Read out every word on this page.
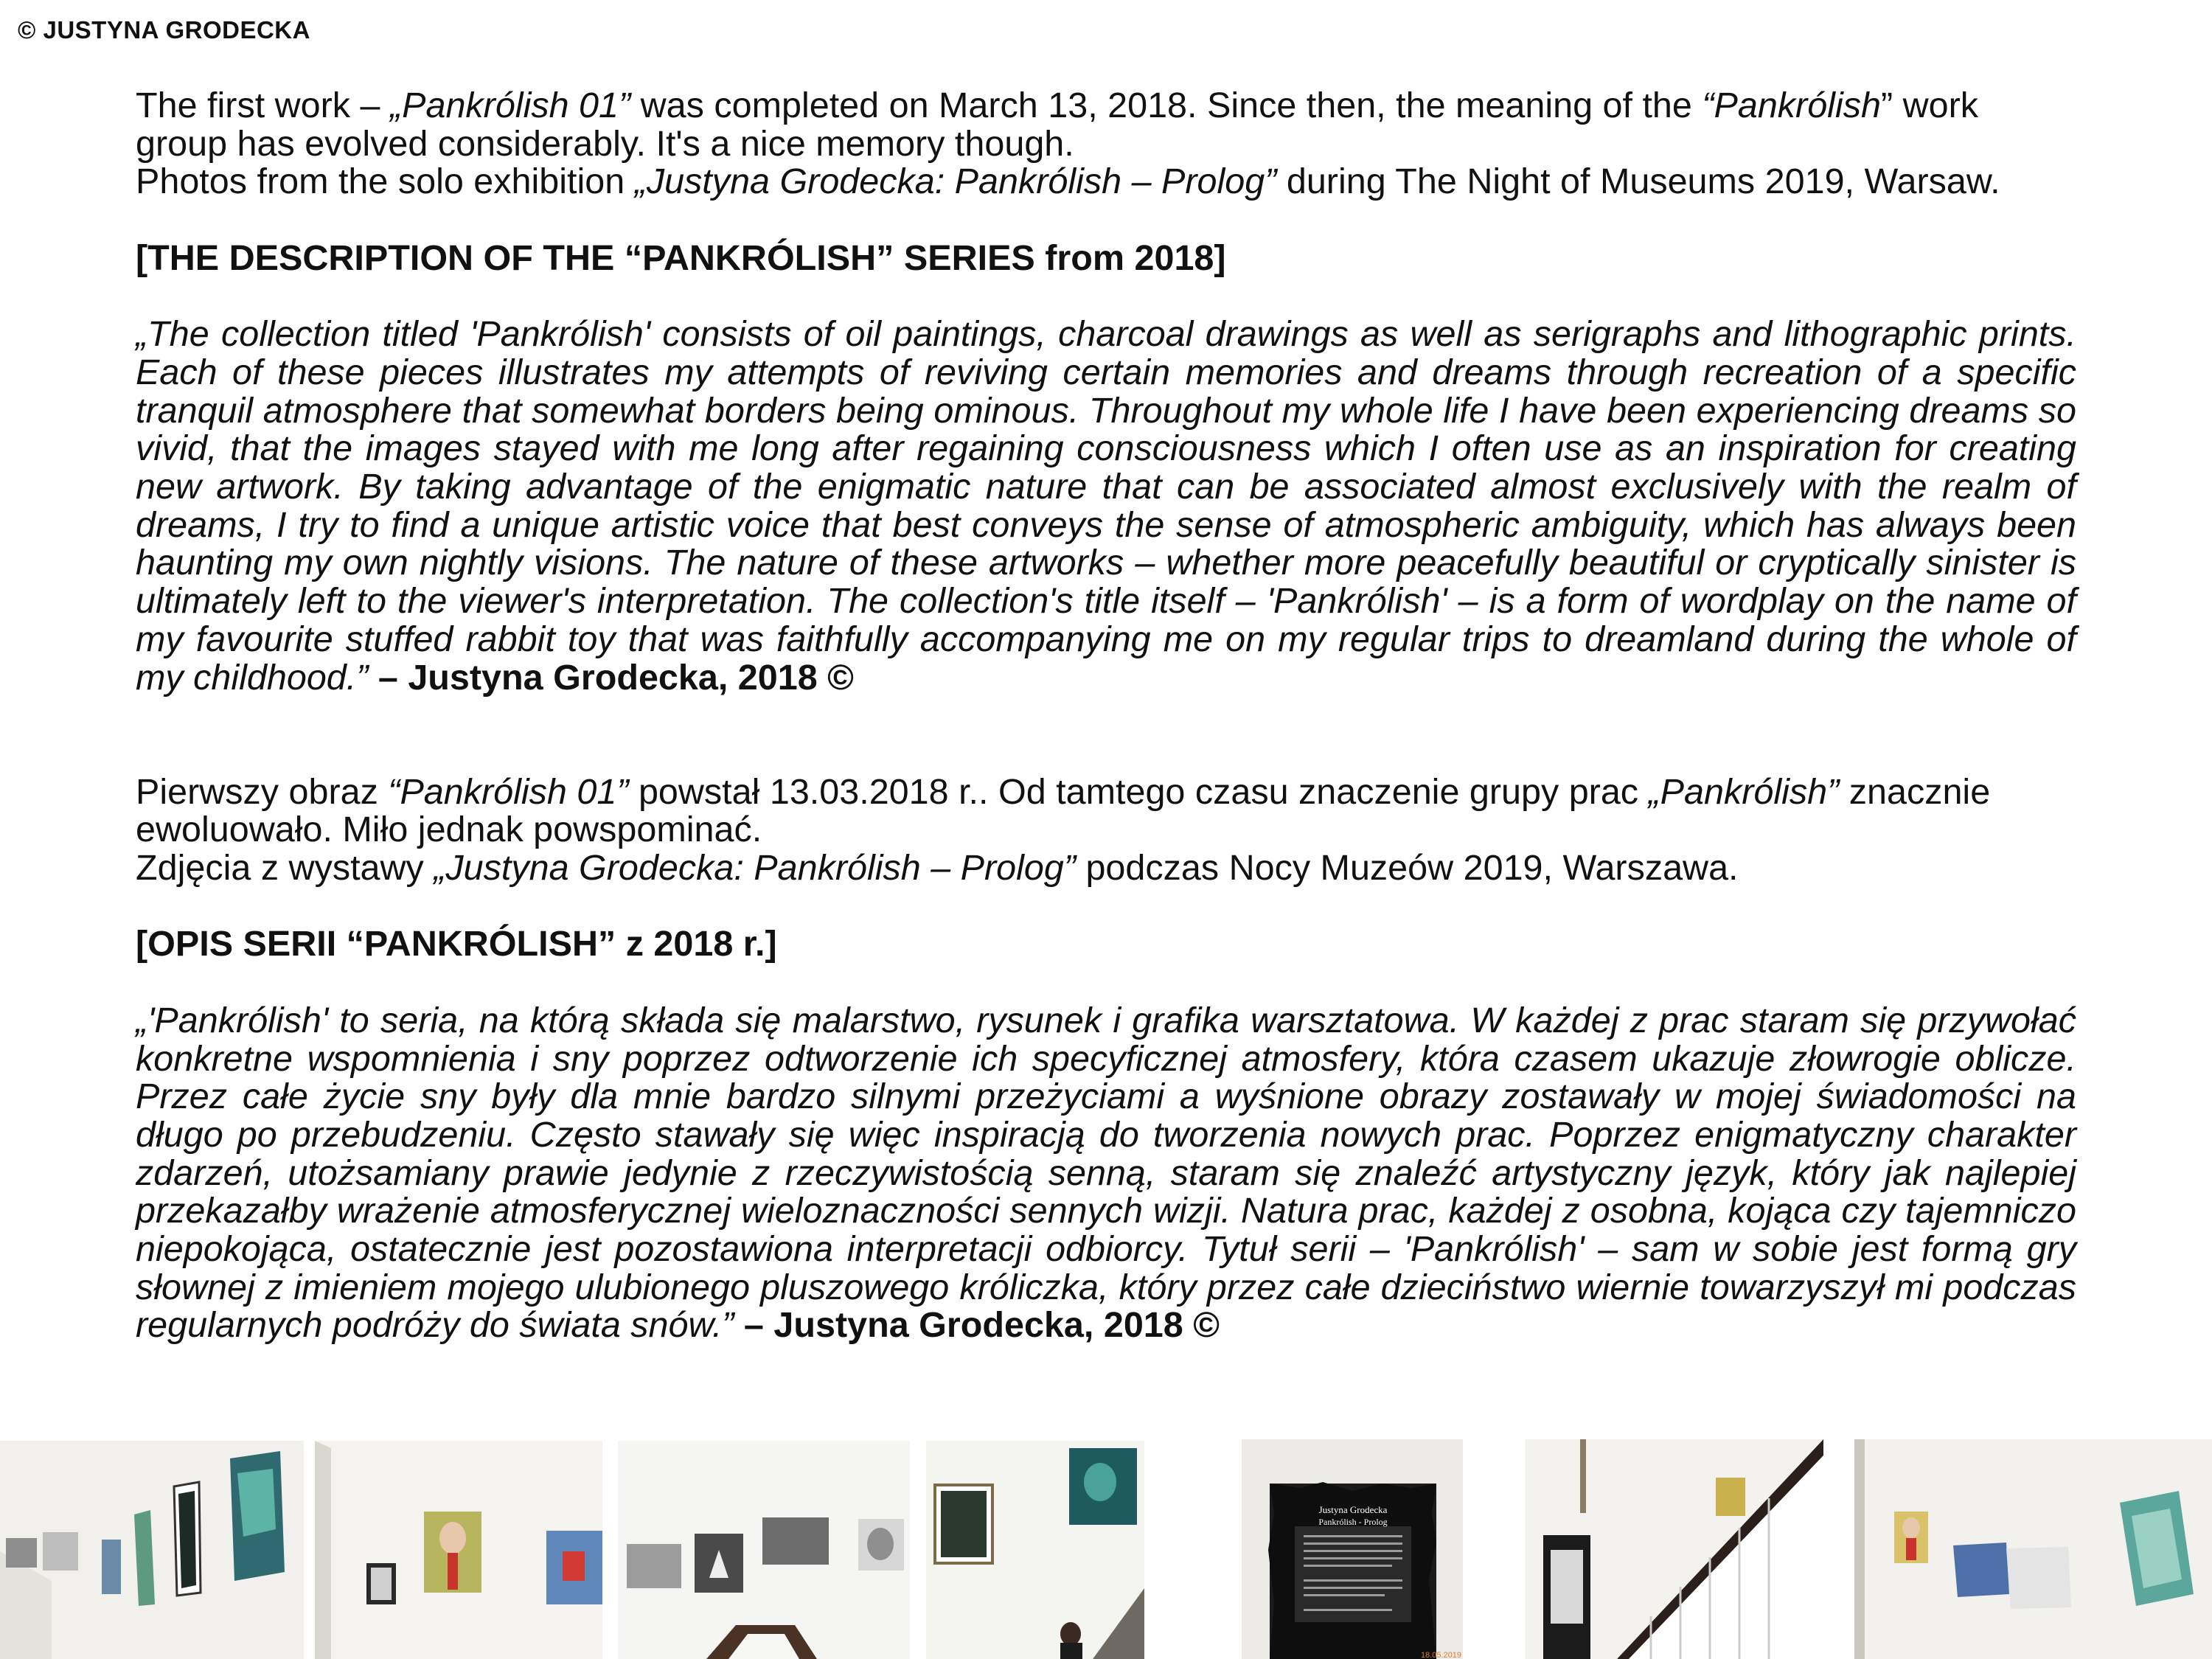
© JUSTYNA GRODECKA

The first work – „Pankrólish 01” was completed on March 13, 2018. Since then, the meaning of the “Pankrólish” work group has evolved considerably. It's a nice memory though.

Photos from the solo exhibition „Justyna Grodecka: Pankrólish – Prolog” during The Night of Museums 2019, Warsaw.

[THE DESCRIPTION OF THE “PANKRÓLISH” SERIES from 2018]

„The collection titled 'Pankrólish' consists of oil paintings, charcoal drawings as well as serigraphs and lithographic prints. Each of these pieces illustrates my attempts of reviving certain memories and dreams through recreation of a specific tranquil atmosphere that somewhat borders being ominous. Throughout my whole life I have been experiencing dreams so vivid, that the images stayed with me long after regaining consciousness which I often use as an inspiration for creating new artwork. By taking advantage of the enigmatic nature that can be associated almost exclusively with the realm of dreams, I try to find a unique artistic voice that best conveys the sense of atmospheric ambiguity, which has always been haunting my own nightly visions. The nature of these artworks – whether more peacefully beautiful or cryptically sinister is ultimately left to the viewer's interpretation. The collection's title itself – 'Pankrólish' – is a form of wordplay on the name of my favourite stuffed rabbit toy that was faithfully accompanying me on my regular trips to dreamland during the whole of my childhood.” – Justyna Grodecka, 2018 ©

Pierwszy obraz “Pankrólish 01” powstał 13.03.2018 r.. Od tamtego czasu znaczenie grupy prac „Pankrólish” znacznie ewoluowało. Miło jednak powspominać.

Zdjęcia z wystawy „Justyna Grodecka: Pankrólish – Prolog” podczas Nocy Muzeów 2019, Warszawa.

[OPIS SERII “PANKRÓLISH” z 2018 r.]

„'Pankrólish' to seria, na którą składa się malarstwo, rysunek i grafika warsztatowa. W każdej z prac staram się przywołać konkretne wspomnienia i sny poprzez odtworzenie ich specyficznej atmosfery, która czasem ukazuje złowrogie oblicze. Przez całe życie sny były dla mnie bardzo silnymi przeżyciami a wyśnione obrazy zostawały w mojej świadomości na długo po przebudzeniu. Często stawały się więc inspiracją do tworzenia nowych prac. Poprzez enigmatyczny charakter zdarzeń, utożsamiany prawie jedynie z rzeczywistością senną, staram się znaleźć artystyczny język, który jak najlepiej przekazałby wrażenie atmosferycznej wieloznaczności sennych wizji. Natura prac, każdej z osobna, kojąca czy tajemniczo niepokojąca, ostatecznie jest pozostawiona interpretacji odbiorcy. Tytuł serii – 'Pankrólish' – sam w sobie jest formą gry słownej z imieniem mojego ulubionego pluszowego króliczka, który przez całe dzieciństwo wiernie towarzyszył mi podczas regularnych podróży do świata snów.” – Justyna Grodecka, 2018 ©

Justyna Grodecka
Pankrólish - Prolog
18.05.2019
